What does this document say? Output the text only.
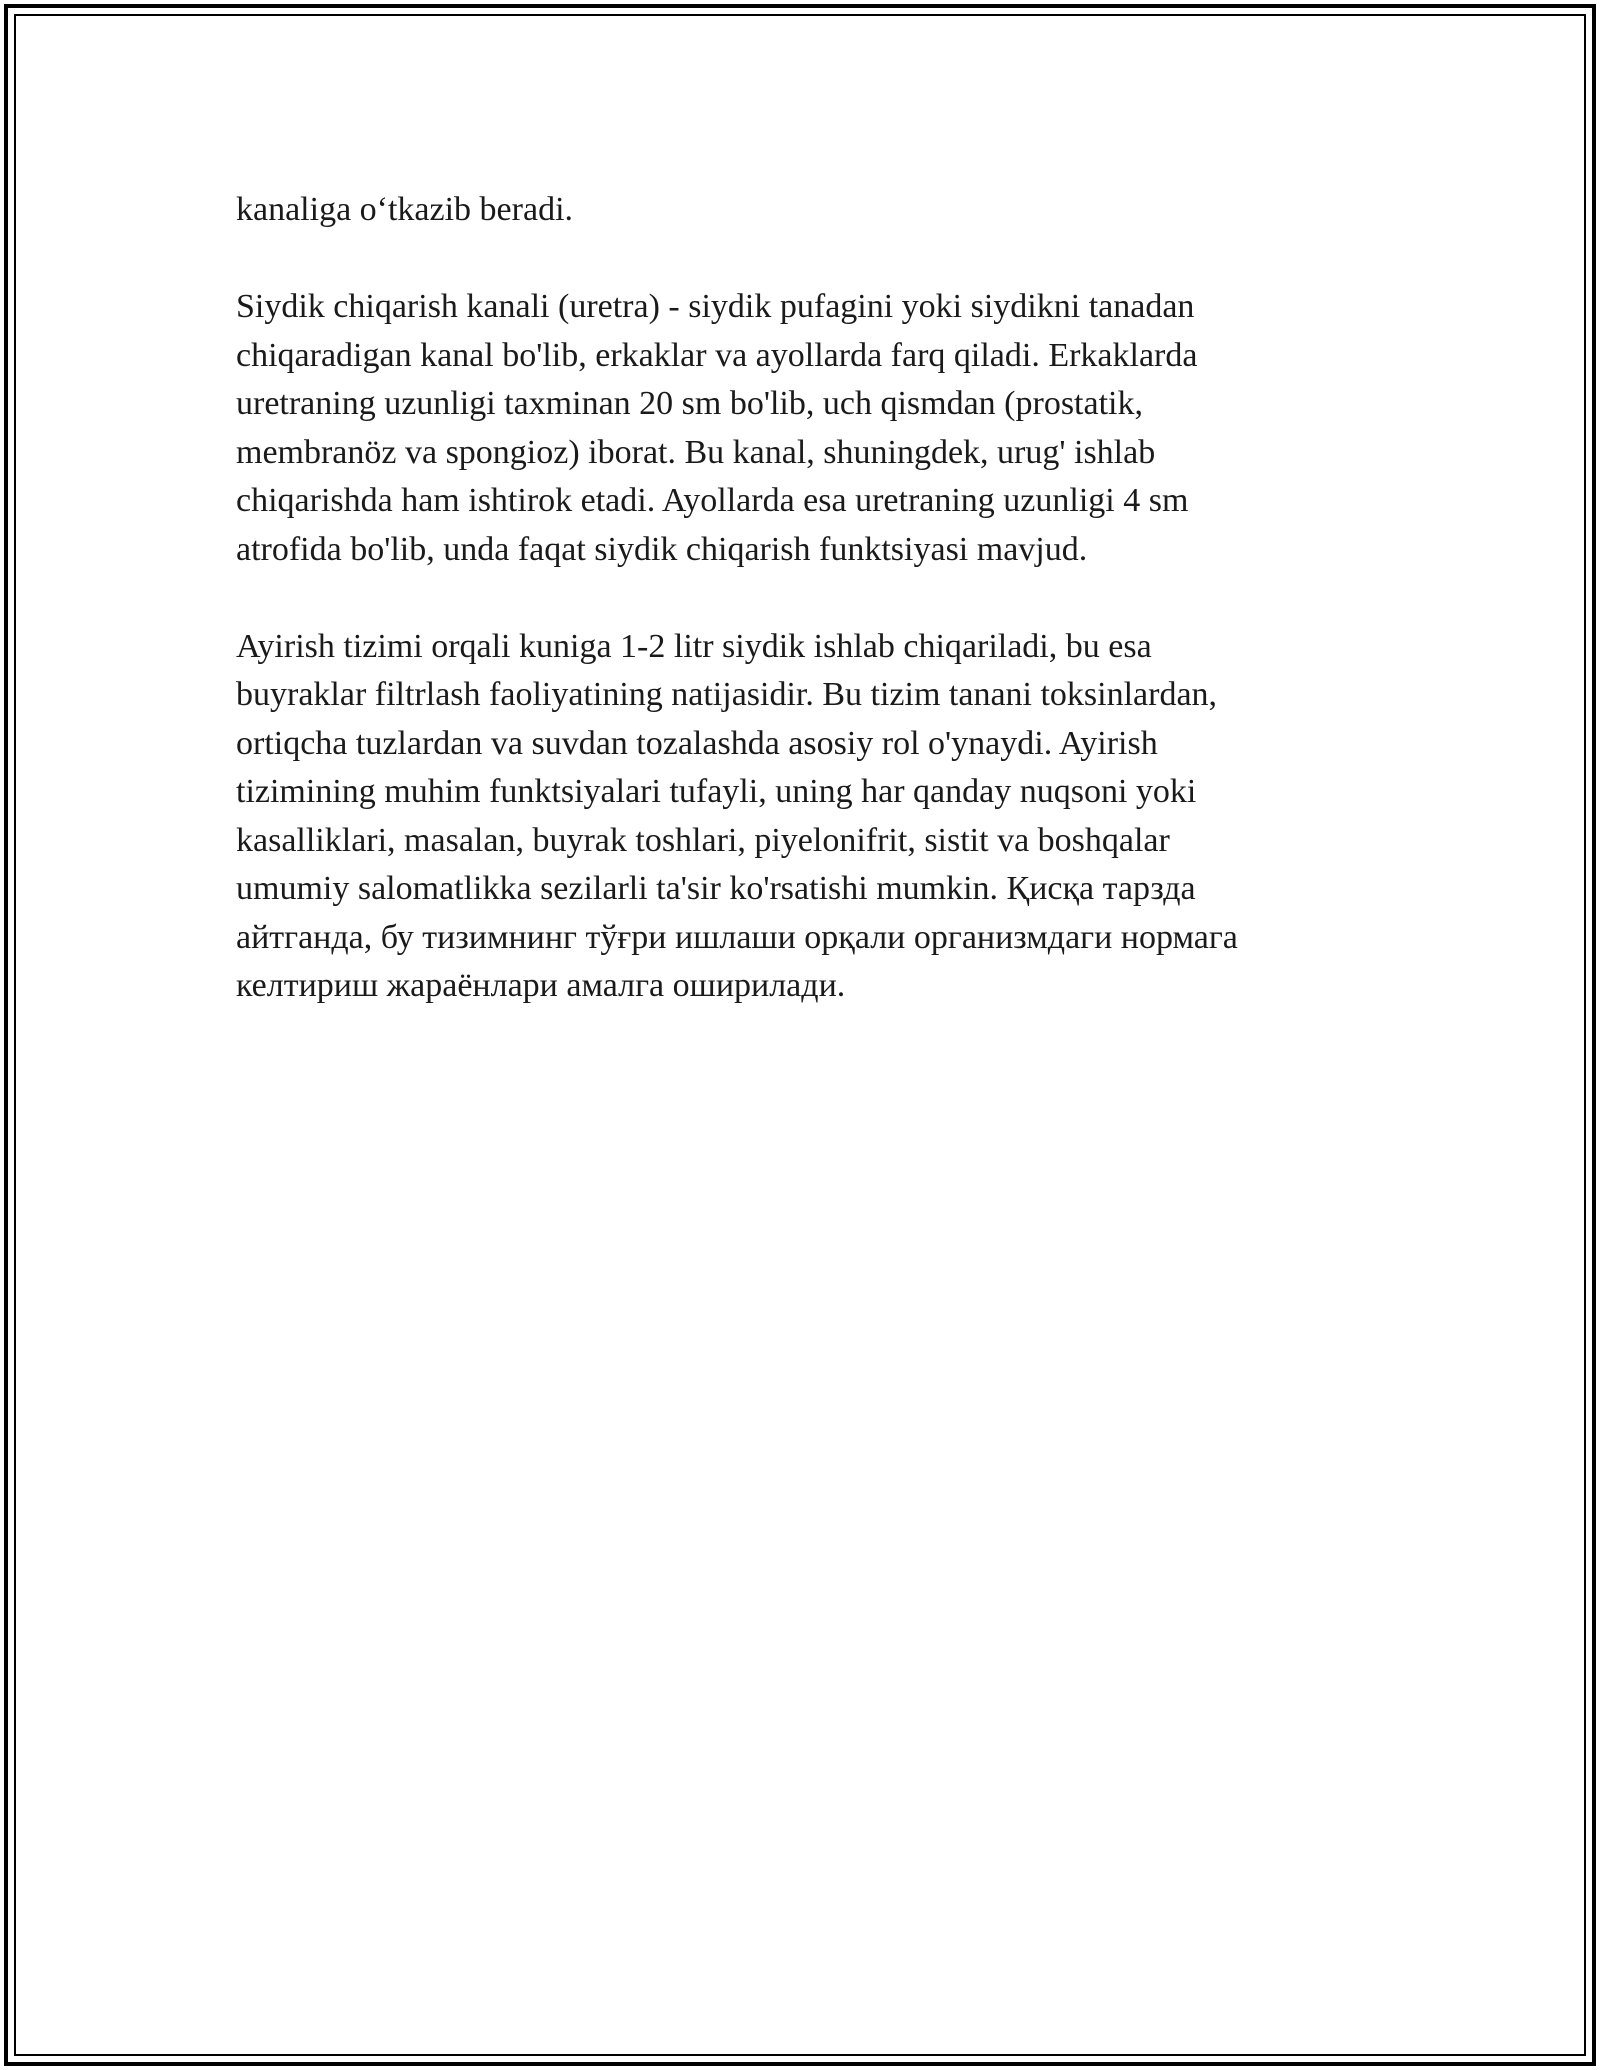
kanaliga o‘tkazib beradi.

Siydik chiqarish kanali (uretra) - siydik pufagini yoki siydikni tanadan
chiqaradigan kanal bo'lib, erkaklar va ayollarda farq qiladi. Erkaklarda
uretraning uzunligi taxminan 20 sm bo'lib, uch qismdan (prostatik,
membranöz va spongioz) iborat. Bu kanal, shuningdek, urug' ishlab
chiqarishda ham ishtirok etadi. Ayollarda esa uretraning uzunligi 4 sm
atrofida bo'lib, unda faqat siydik chiqarish funktsiyasi mavjud.

Ayirish tizimi orqali kuniga 1-2 litr siydik ishlab chiqariladi, bu esa
buyraklar filtrlash faoliyatining natijasidir. Bu tizim tanani toksinlardan,
ortiqcha tuzlardan va suvdan tozalashda asosiy rol o'ynaydi. Ayirish
tizimining muhim funktsiyalari tufayli, uning har qanday nuqsoni yoki
kasalliklari, masalan, buyrak toshlari, piyelonifrit, sistit va boshqalar
umumiy salomatlikka sezilarli ta'sir ko'rsatishi mumkin. Қисқа тарзда
айтганда, бу тизимнинг тўғри ишлаши орқали организмдаги нормага
келтириш жараёнлари амалга оширилади.
